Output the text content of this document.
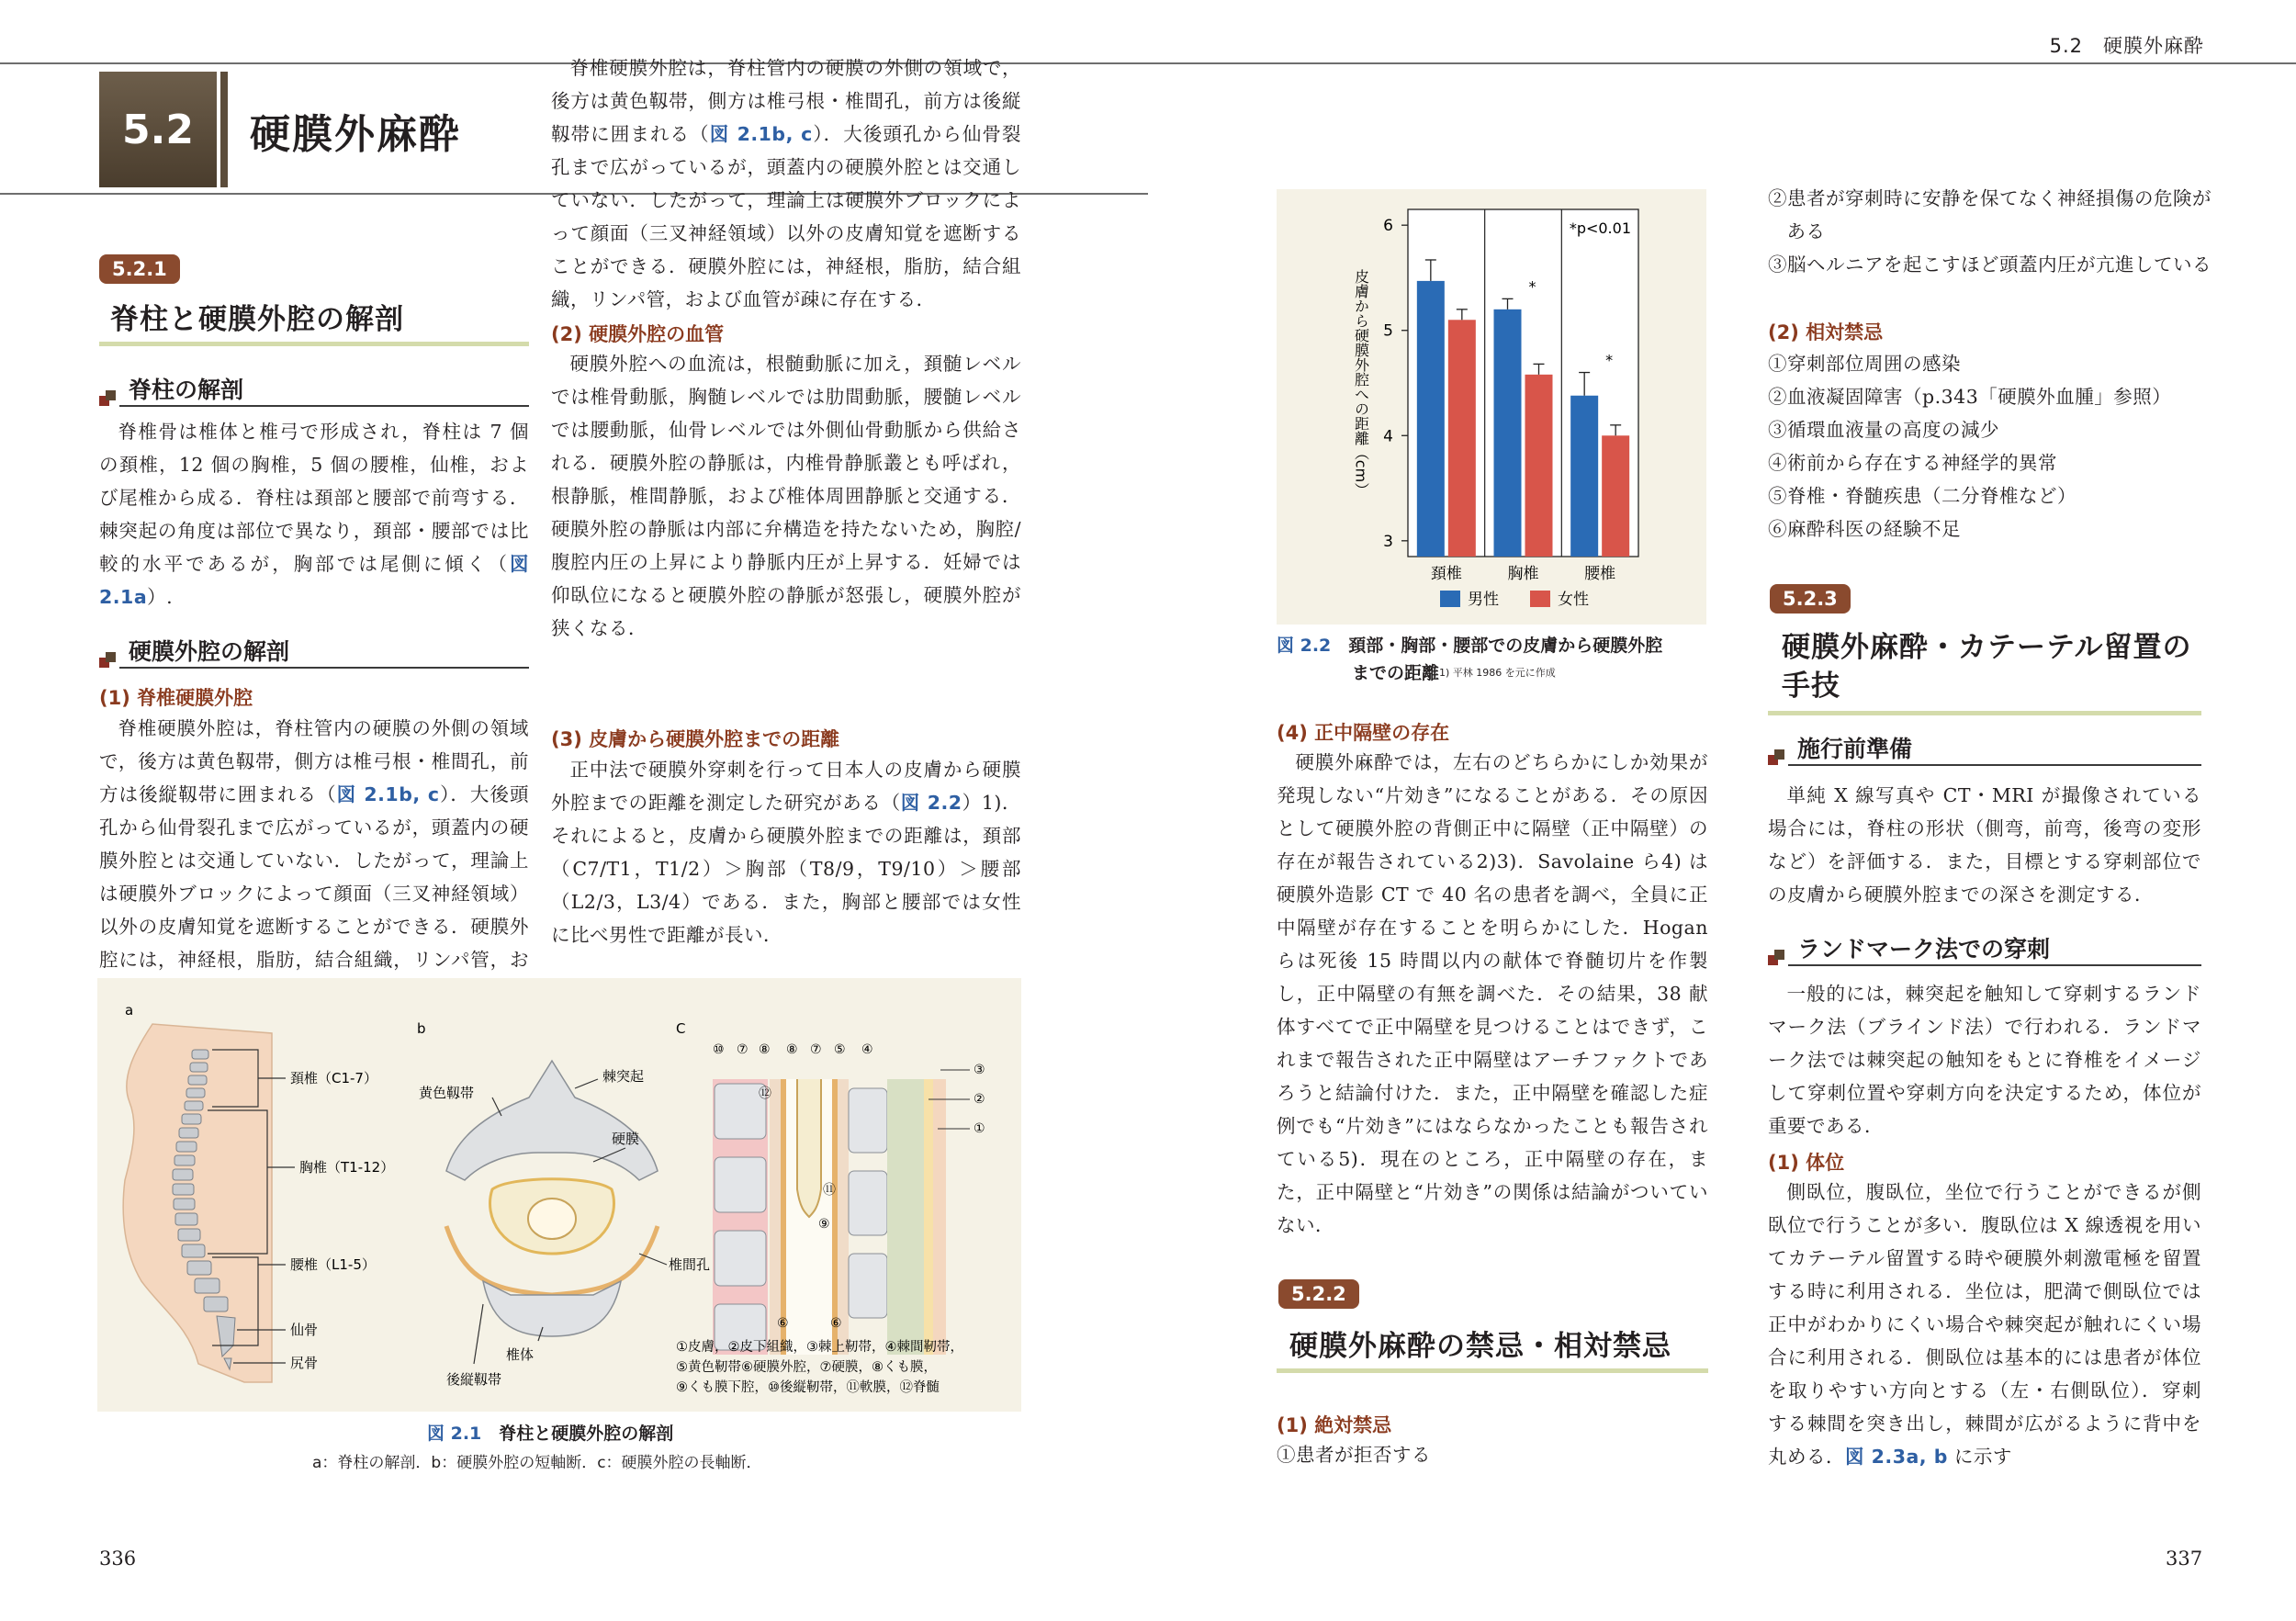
5.2　硬膜外麻酔
5.2	硬膜外麻酔
5.2.1
脊柱と硬膜外腔の解剖
脊柱の解剖
脊椎骨は椎体と椎弓で形成され，脊柱は 7 個の頚椎，12 個の胸椎，5 個の腰椎，仙椎，および尾椎から成る．脊柱は頚部と腰部で前弯する．棘突起の角度は部位で異なり，頚部・腰部では比較的水平であるが，胸部では尾側に傾く（図 2.1a）.
硬膜外腔の解剖
(1) 脊椎硬膜外腔
脊椎硬膜外腔は，脊柱管内の硬膜の外側の領域で，後方は黄色靱帯，側方は椎弓根・椎間孔，前方は後縦靱帯に囲まれる（図 2.1b, c）．大後頭孔から仙骨裂孔まで広がっているが，頭蓋内の硬膜外腔とは交通していない．したがって，理論上は硬膜外ブロックによって顔面（三叉神経領域）以外の皮膚知覚を遮断することができる．硬膜外腔には，神経根，脂肪，結合組織，リンパ管，お
脊椎硬膜外腔は，脊柱管内の硬膜の外側の領域で，後方は黄色靱帯，側方は椎弓根・椎間孔，前方は後縦靱帯に囲まれる（図 2.1b, c）．大後頭孔から仙骨裂孔まで広がっているが，頭蓋内の硬膜外腔とは交通していない．したがって，理論上は硬膜外ブロックによって顔面（三叉神経領域）以外の皮膚知覚を遮断することができる．硬膜外腔には，神経根，脂肪，結合組織，リンパ管，および血管が疎に存在する．
(2) 硬膜外腔の血管
硬膜外腔への血流は，根髄動脈に加え，頚髄レベルでは椎骨動脈，胸髄レベルでは肋間動脈，腰髄レベルでは腰動脈，仙骨レベルでは外側仙骨動脈から供給される．硬膜外腔の静脈は，内椎骨静脈叢とも呼ばれ，根静脈，椎間静脈，および椎体周囲静脈と交通する．硬膜外腔の静脈は内部に弁構造を持たないため，胸腔/腹腔内圧の上昇により静脈内圧が上昇する．妊婦では仰臥位になると硬膜外腔の静脈が怒張し，硬膜外腔が狭くなる．
(3) 皮膚から硬膜外腔までの距離
正中法で硬膜外穿刺を行って日本人の皮膚から硬膜外腔までの距離を測定した研究がある（図 2.2）1)．それによると，皮膚から硬膜外腔までの距離は，頚部（C7/T1，T1/2）＞胸部（T8/9，T9/10）＞腰部（L2/3，L3/4）である．また，胸部と腰部では女性に比べ男性で距離が長い．
a
頚椎（C1-7）
胸椎（T1-12）
腰椎（L1-5）
仙骨
尻骨
b
黄色靱帯
棘突起
硬膜
椎間孔
椎体
後縦靱帯
C
⑩ ⑦ ⑧ ⑧ ⑦ ⑤ ④
③
②
①
⑫
⑪
⑨
⑥	⑥
①皮膚，②皮下組織，③棘上靭帯，④棘間靭帯，
⑤黄色靭帯⑥硬膜外腔，⑦硬膜，⑧くも膜，
⑨くも膜下腔，⑩後縦靭帯，⑪軟膜，⑫脊髄
図 2.1　 脊柱と硬膜外腔の解剖
a：脊柱の解剖．b：硬膜外腔の短軸断．c：硬膜外腔の長軸断．
336
3
4
5
6
頚椎
*
胸椎
*
腰椎
*p<0.01
皮膚から硬膜外腔への距離（cm）
男性	女性
図 2.2　 頚部・胸部・腰部での皮膚から硬膜外腔
までの距離$^{1) 平林 1986 を元に作成}$
(4) 正中隔壁の存在
硬膜外麻酔では，左右のどちらかにしか効果が発現しない“片効き”になることがある．その原因として硬膜外腔の背側正中に隔壁（正中隔壁）の存在が報告されている2)3)．Savolaine ら4) は硬膜外造影 CT で 40 名の患者を調べ，全員に正中隔壁が存在することを明らかにした．Hogan らは死後 15 時間以内の献体で脊髄切片を作製し，正中隔壁の有無を調べた．その結果，38 献体すべてで正中隔壁を見つけることはできず，これまで報告された正中隔壁はアーチファクトであろうと結論付けた．また，正中隔壁を確認した症例でも“片効き”にはならなかったことも報告されている5)．現在のところ，正中隔壁の存在，また，正中隔壁と“片効き”の関係は結論がついていない．
5.2.2
硬膜外麻酔の禁忌・相対禁忌
(1) 絶対禁忌
①患者が拒否する
②患者が穿刺時に安静を保てなく神経損傷の危険がある
③脳ヘルニアを起こすほど頭蓋内圧が亢進している
(2) 相対禁忌
①穿刺部位周囲の感染
②血液凝固障害（p.343「硬膜外血腫」参照）
③循環血液量の高度の減少
④術前から存在する神経学的異常
⑤脊椎・脊髄疾患（二分脊椎など）
⑥麻酔科医の経験不足
5.2.3
硬膜外麻酔・カテーテル留置の
手技
施行前準備
単純 X 線写真や CT・MRI が撮像されている場合には，脊柱の形状（側弯，前弯，後弯の変形など）を評価する．また，目標とする穿刺部位での皮膚から硬膜外腔までの深さを測定する．
ランドマーク法での穿刺
一般的には，棘突起を触知して穿刺するランドマーク法（ブラインド法）で行われる．ランドマーク法では棘突起の触知をもとに脊椎をイメージして穿刺位置や穿刺方向を決定するため，体位が重要である．
(1) 体位
側臥位，腹臥位，坐位で行うことができるが側臥位で行うことが多い．腹臥位は X 線透視を用いてカテーテル留置する時や硬膜外刺激電極を留置する時に利用される．坐位は，肥満で側臥位では正中がわかりにくい場合や棘突起が触れにくい場合に利用される．側臥位は基本的には患者が体位を取りやすい方向とする（左・右側臥位）．穿刺する棘間を突き出し，棘間が広がるように背中を丸める．図 2.3a, b に示す
337
